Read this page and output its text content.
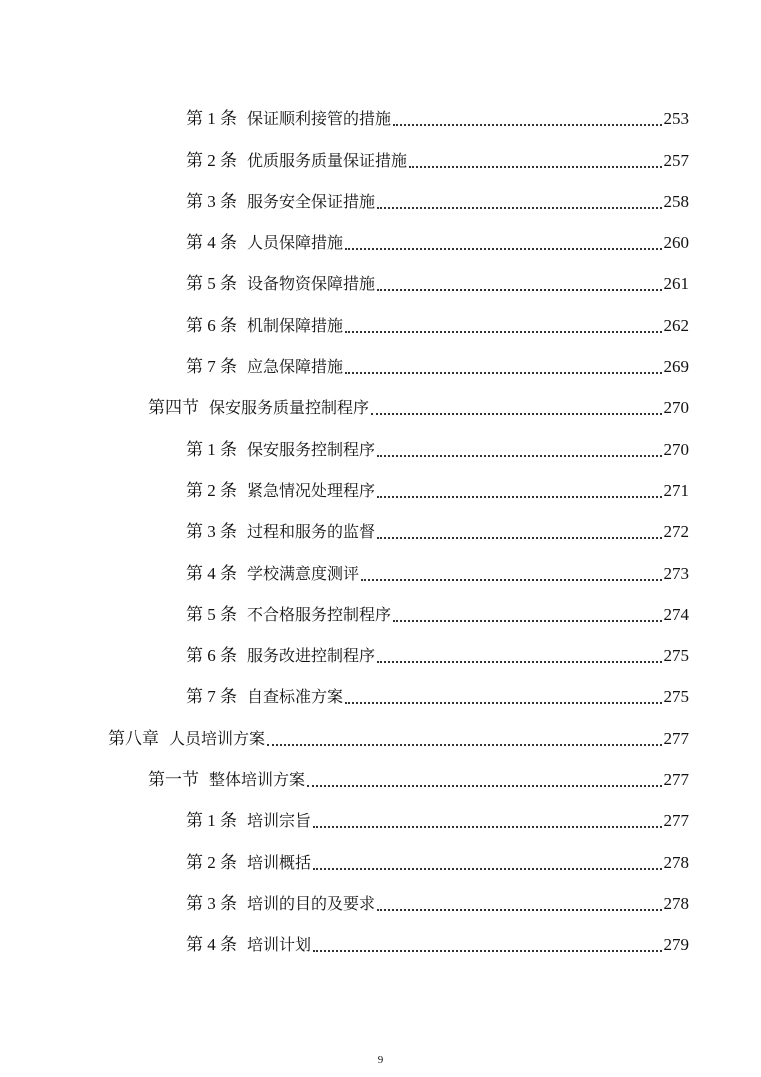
第 1 条 保证顺利接管的措施	253
第 2 条 优质服务质量保证措施	257
第 3 条 服务安全保证措施	258
第 4 条 人员保障措施	260
第 5 条 设备物资保障措施	261
第 6 条 机制保障措施	262
第 7 条 应急保障措施	269
第四节 保安服务质量控制程序	270
第 1 条 保安服务控制程序	270
第 2 条 紧急情况处理程序	271
第 3 条 过程和服务的监督	272
第 4 条 学校满意度测评	273
第 5 条 不合格服务控制程序	274
第 6 条 服务改进控制程序	275
第 7 条 自查标准方案	275
第八章 人员培训方案	277
第一节 整体培训方案	277
第 1 条 培训宗旨	277
第 2 条 培训概括	278
第 3 条 培训的目的及要求	278
第 4 条 培训计划	279
9
